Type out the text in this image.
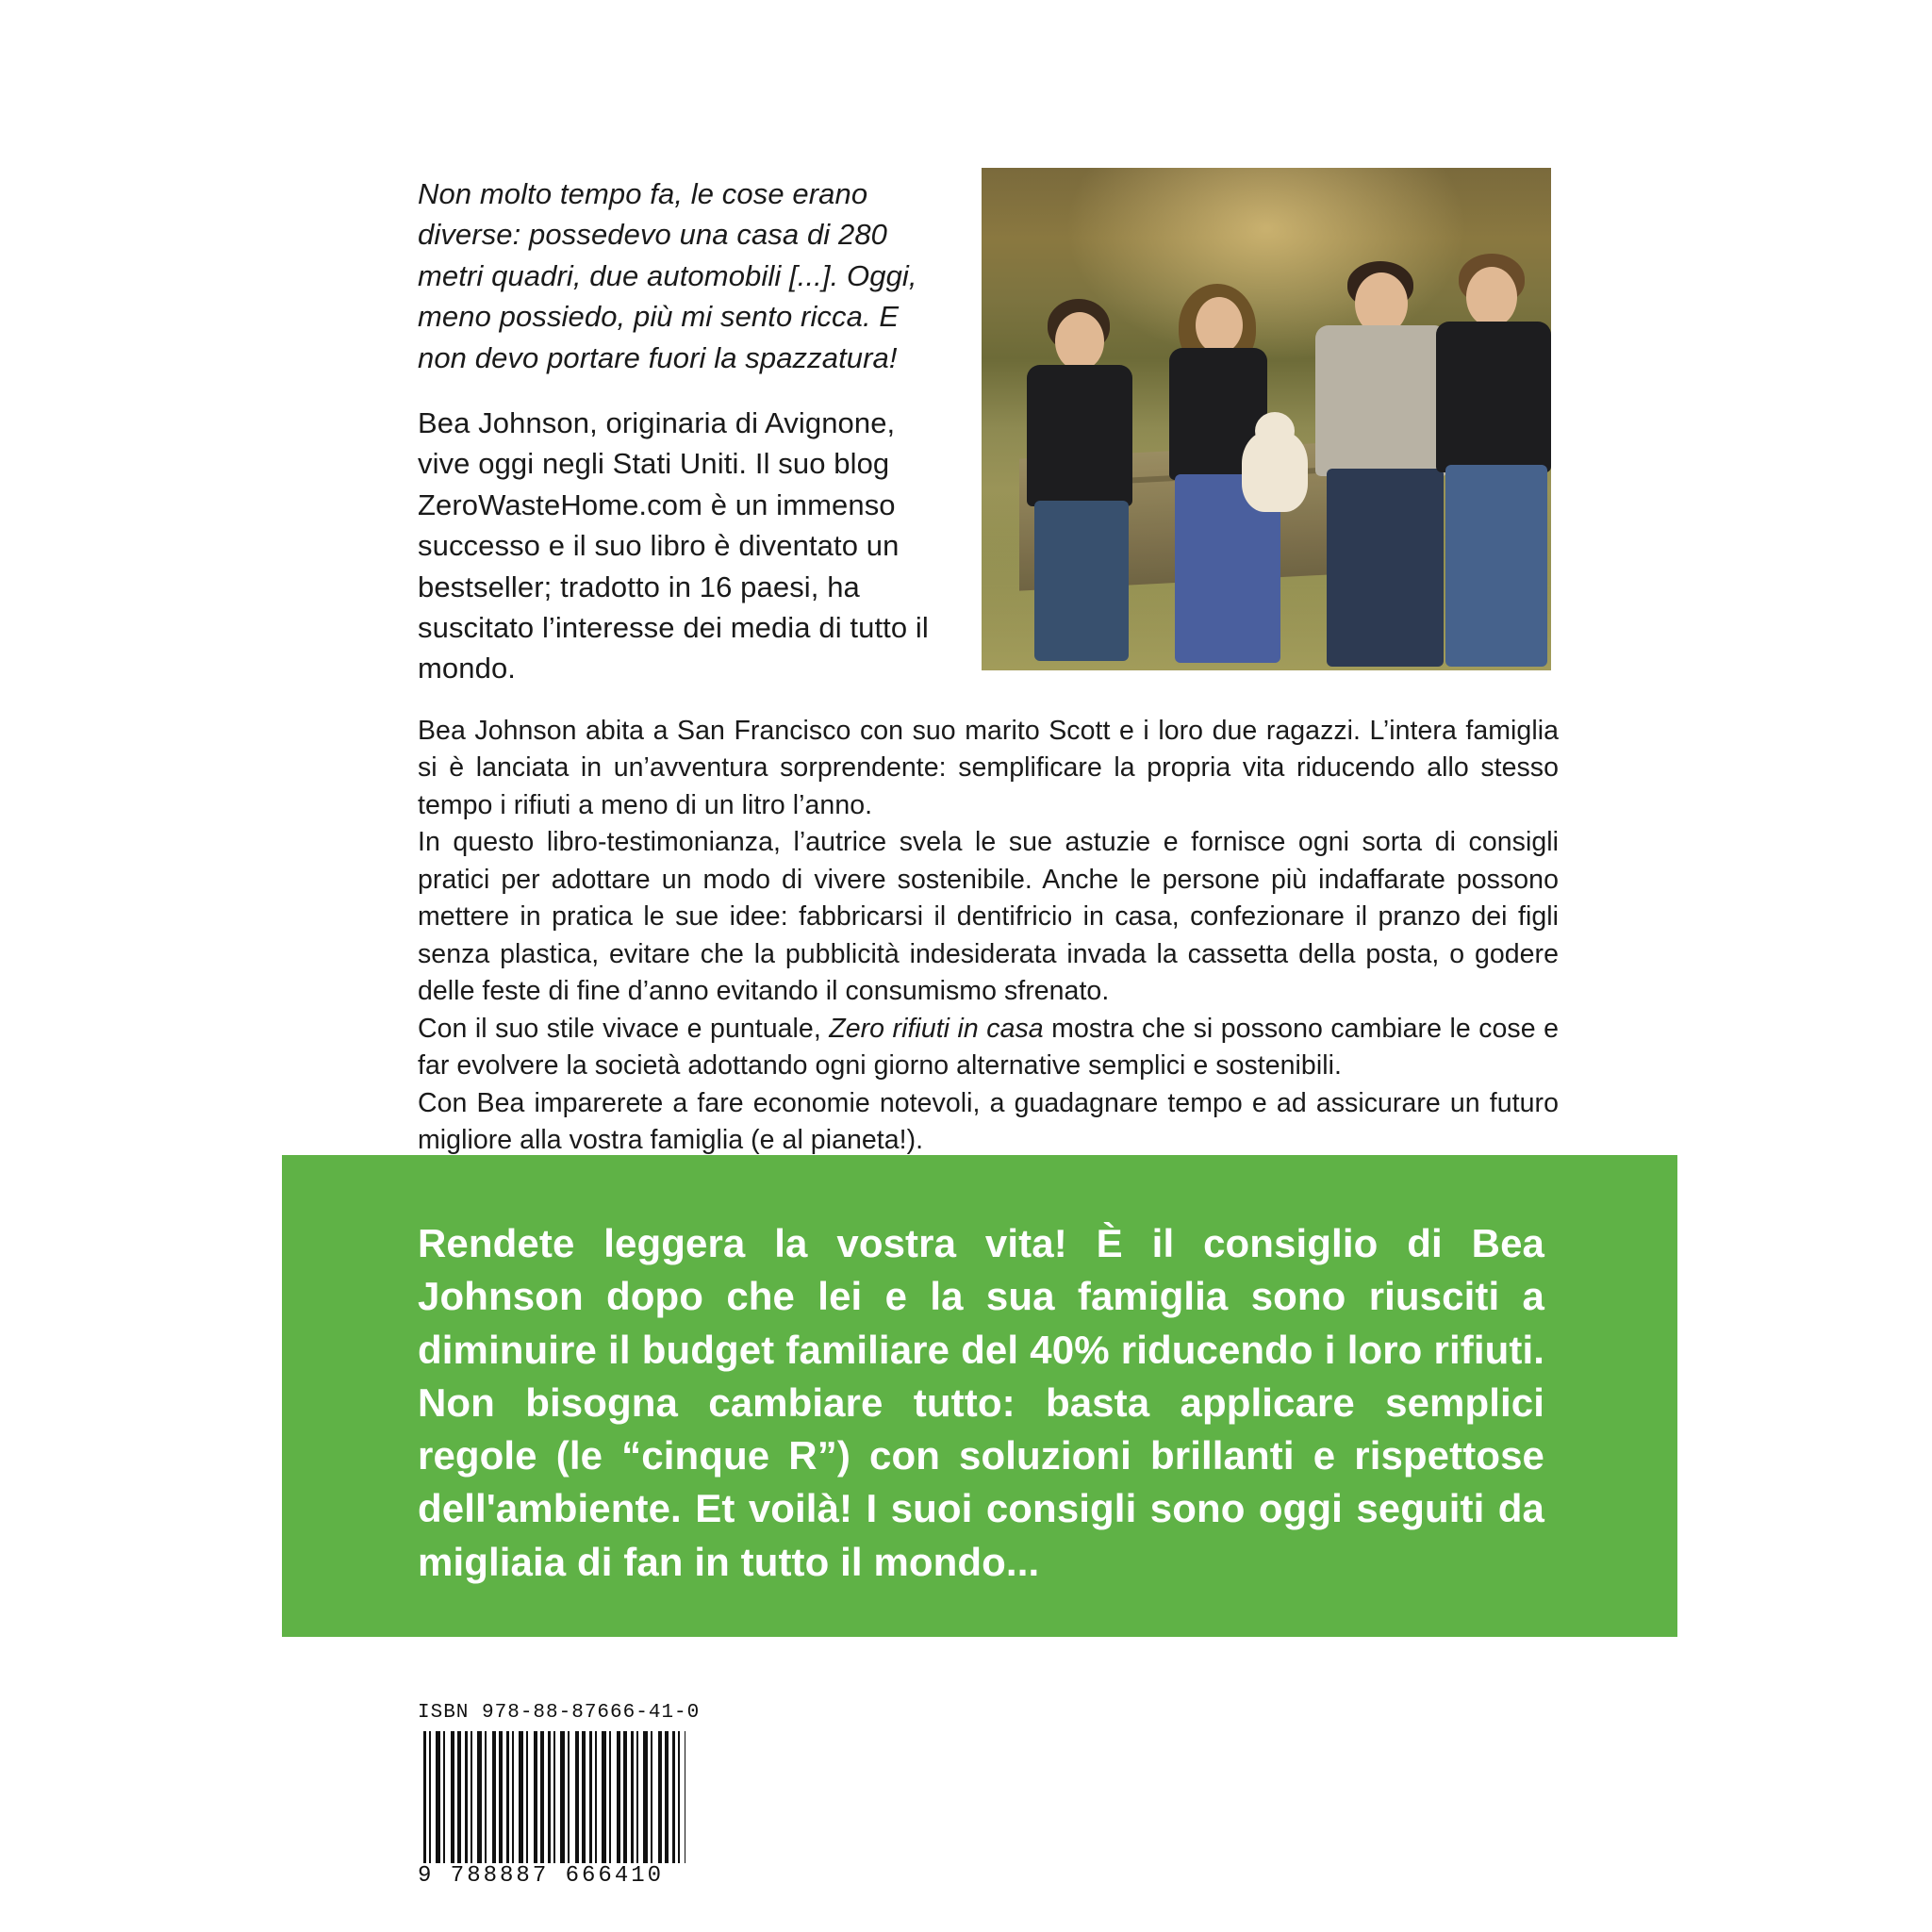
Non molto tempo fa, le cose erano diverse: possedevo una casa di 280 metri quadri, due automobili [...]. Oggi, meno possiedo, più mi sento ricca. E non devo portare fuori la spazzatura!

Bea Johnson, originaria di Avignone, vive oggi negli Stati Uniti. Il suo blog ZeroWasteHome.com è un immenso successo e il suo libro è diventato un bestseller; tradotto in 16 paesi, ha suscitato l’interesse dei media di tutto il mondo.

Bea Johnson abita a San Francisco con suo marito Scott e i loro due ragazzi. L’intera famiglia si è lanciata in un’avventura sorprendente: semplificare la propria vita riducendo allo stesso tempo i rifiuti a meno di un litro l’anno.

In questo libro-testimonianza, l’autrice svela le sue astuzie e fornisce ogni sorta di consigli pratici per adottare un modo di vivere sostenibile. Anche le persone più indaffarate possono mettere in pratica le sue idee: fabbricarsi il dentifricio in casa, confezionare il pranzo dei figli senza plastica, evitare che la pubblicità indesiderata invada la cassetta della posta, o godere delle feste di fine d’anno evitando il consumismo sfrenato.

Con il suo stile vivace e puntuale, Zero rifiuti in casa mostra che si possono cambiare le cose e far evolvere la società adottando ogni giorno alternative semplici e sostenibili.

Con Bea imparerete a fare economie notevoli, a guadagnare tempo e ad assicurare un futuro migliore alla vostra famiglia (e al pianeta!).

Rendete leggera la vostra vita! È il consiglio di Bea Johnson dopo che lei e la sua famiglia sono riusciti a diminuire il budget familiare del 40% riducendo i loro rifiuti. Non bisogna cambiare tutto: basta applicare semplici regole (le “cinque R”) con soluzioni brillanti e rispettose dell'ambiente. Et voilà! I suoi consigli sono oggi seguiti da migliaia di fan in tutto il mondo...
ISBN 978-88-87666-41-0
9 788887 666410
